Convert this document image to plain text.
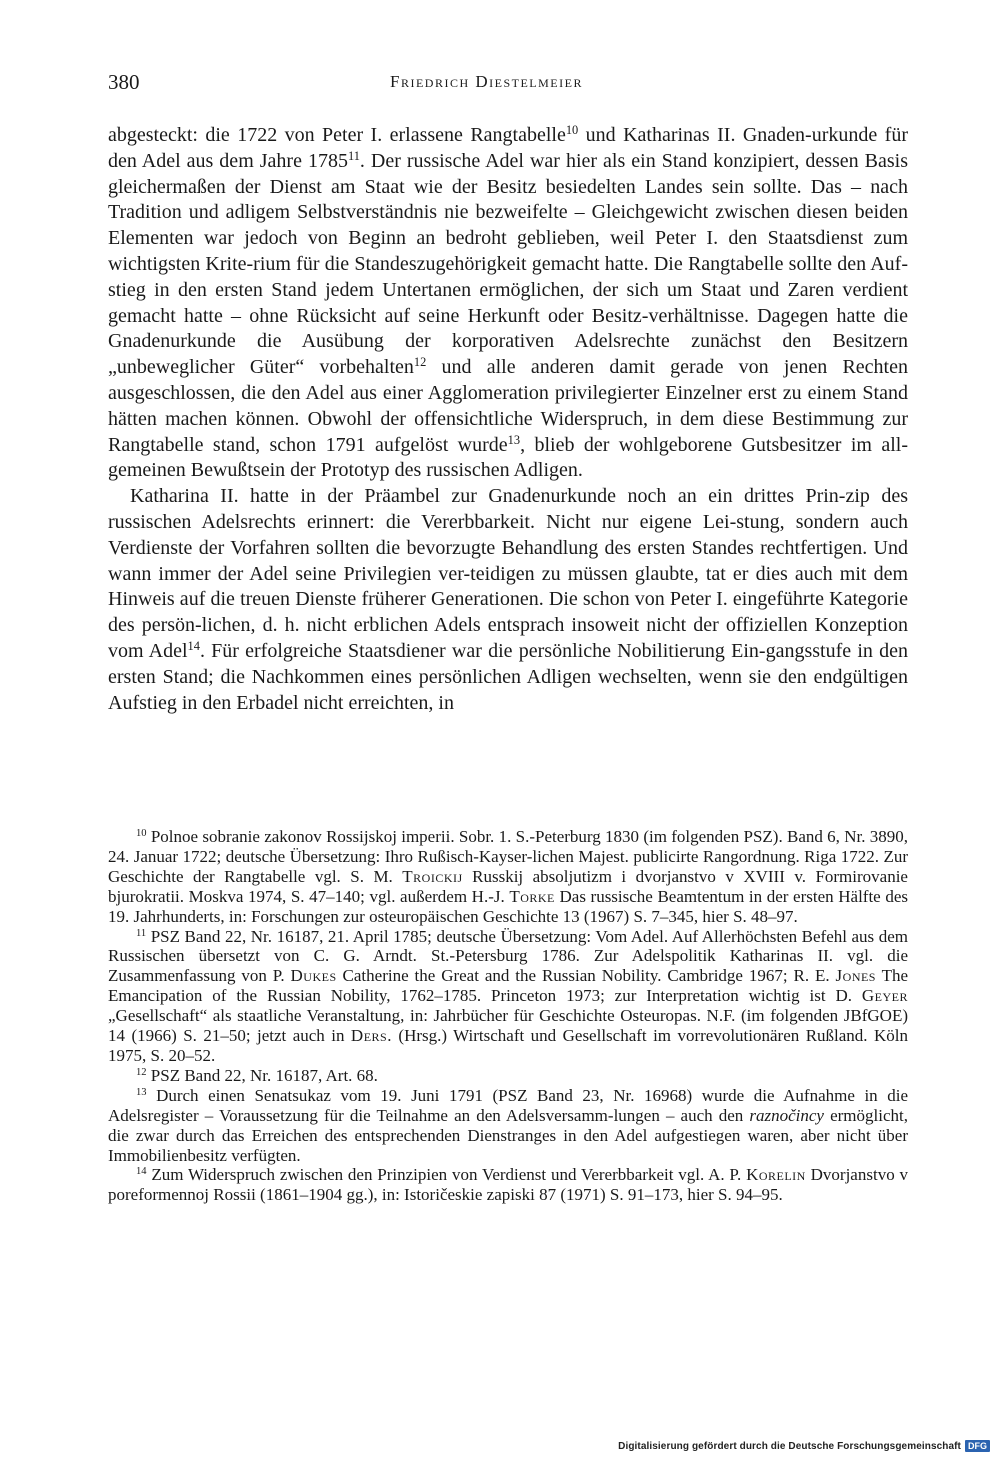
380	Friedrich Diestelmeier

abgesteckt: die 1722 von Peter I. erlassene Rangtabelle$^{10}$ und Katharinas II. Gnaden-urkunde für den Adel aus dem Jahre 1785$^{11}$. Der russische Adel war hier als ein Stand konzipiert, dessen Basis gleichermaßen der Dienst am Staat wie der Besitz besiedelten Landes sein sollte. Das – nach Tradition und adligem Selbstverständnis nie bezweifelte – Gleichgewicht zwischen diesen beiden Elementen war jedoch von Beginn an bedroht geblieben, weil Peter I. den Staatsdienst zum wichtigsten Krite-rium für die Standeszugehörigkeit gemacht hatte. Die Rangtabelle sollte den Auf-stieg in den ersten Stand jedem Untertanen ermöglichen, der sich um Staat und Zaren verdient gemacht hatte – ohne Rücksicht auf seine Herkunft oder Besitz-verhältnisse. Dagegen hatte die Gnadenurkunde die Ausübung der korporativen Adelsrechte zunächst den Besitzern „unbeweglicher Güter“ vorbehalten$^{12}$ und alle anderen damit gerade von jenen Rechten ausgeschlossen, die den Adel aus einer Agglomeration privilegierter Einzelner erst zu einem Stand hätten machen können. Obwohl der offensichtliche Widerspruch, in dem diese Bestimmung zur Rangtabelle stand, schon 1791 aufgelöst wurde$^{13}$, blieb der wohlgeborene Gutsbesitzer im all-gemeinen Bewußtsein der Prototyp des russischen Adligen.

Katharina II. hatte in der Präambel zur Gnadenurkunde noch an ein drittes Prin-zip des russischen Adelsrechts erinnert: die Vererbbarkeit. Nicht nur eigene Lei-stung, sondern auch Verdienste der Vorfahren sollten die bevorzugte Behandlung des ersten Standes rechtfertigen. Und wann immer der Adel seine Privilegien ver-teidigen zu müssen glaubte, tat er dies auch mit dem Hinweis auf die treuen Dienste früherer Generationen. Die schon von Peter I. eingeführte Kategorie des persön-lichen, d. h. nicht erblichen Adels entsprach insoweit nicht der offiziellen Konzeption vom Adel$^{14}$. Für erfolgreiche Staatsdiener war die persönliche Nobilitierung Ein-gangsstufe in den ersten Stand; die Nachkommen eines persönlichen Adligen wechselten, wenn sie den endgültigen Aufstieg in den Erbadel nicht erreichten, in

$^{10}$ Polnoe sobranie zakonov Rossijskoj imperii. Sobr. 1. S.-Peterburg 1830 (im folgenden PSZ). Band 6, Nr. 3890, 24. Januar 1722; deutsche Übersetzung: Ihro Rußisch-Kayser-lichen Majest. publicirte Rangordnung. Riga 1722. Zur Geschichte der Rangtabelle vgl. S. M. Troickij Russkij absoljutizm i dvorjanstvo v XVIII v. Formirovanie bjurokratii. Moskva 1974, S. 47–140; vgl. außerdem H.-J. Torke Das russische Beamtentum in der ersten Hälfte des 19. Jahrhunderts, in: Forschungen zur osteuropäischen Geschichte 13 (1967) S. 7–345, hier S. 48–97.

$^{11}$ PSZ Band 22, Nr. 16187, 21. April 1785; deutsche Übersetzung: Vom Adel. Auf Allerhöchsten Befehl aus dem Russischen übersetzt von C. G. Arndt. St.-Petersburg 1786. Zur Adelspolitik Katharinas II. vgl. die Zusammenfassung von P. Dukes Catherine the Great and the Russian Nobility. Cambridge 1967; R. E. Jones The Emancipation of the Russian Nobility, 1762–1785. Princeton 1973; zur Interpretation wichtig ist D. Geyer „Gesellschaft“ als staatliche Veranstaltung, in: Jahrbücher für Geschichte Osteuropas. N.F. (im folgenden JBfGOE) 14 (1966) S. 21–50; jetzt auch in Ders. (Hrsg.) Wirtschaft und Gesellschaft im vorrevolutionären Rußland. Köln 1975, S. 20–52.

$^{12}$ PSZ Band 22, Nr. 16187, Art. 68.

$^{13}$ Durch einen Senatsukaz vom 19. Juni 1791 (PSZ Band 23, Nr. 16968) wurde die Aufnahme in die Adelsregister – Voraussetzung für die Teilnahme an den Adelsversamm-lungen – auch den raznočincy ermöglicht, die zwar durch das Erreichen des entsprechenden Dienstranges in den Adel aufgestiegen waren, aber nicht über Immobilienbesitz verfügten.

$^{14}$ Zum Widerspruch zwischen den Prinzipien von Verdienst und Vererbbarkeit vgl. A. P. Korelin Dvorjanstvo v poreformennoj Rossii (1861–1904 gg.), in: Istoričeskie zapiski 87 (1971) S. 91–173, hier S. 94–95.

Digitalisierung gefördert durch die Deutsche Forschungsgemeinschaft DFG
